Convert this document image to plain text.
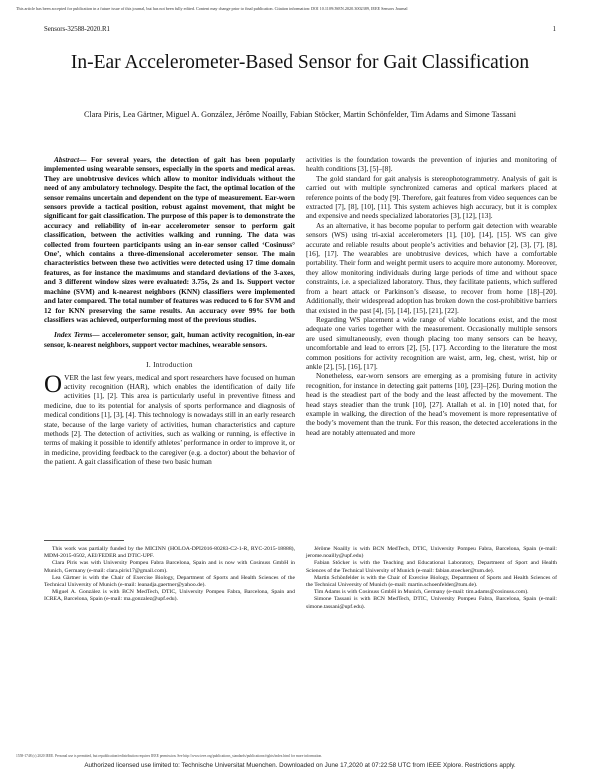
This article has been accepted for publication in a future issue of this journal, but has not been fully edited. Content may change prior to final publication. Citation information: DOI 10.1109/JSEN.2020.3002389, IEEE Sensors Journal
Sensors-32588-2020.R1	1
In-Ear Accelerometer-Based Sensor for Gait Classification
Clara Piris, Lea Gärtner, Miguel A. González, Jérôme Noailly, Fabian Stöcker, Martin Schönfelder, Tim Adams and Simone Tassani

Abstract— For several years, the detection of gait has been popularly implemented using wearable sensors, especially in the sports and medical areas. They are unobtrusive devices which allow to monitor individuals without the need of any ambulatory technology. Despite the fact, the optimal location of the sensor remains uncertain and dependent on the type of measurement. Ear-worn sensors provide a tactical position, robust against movement, that might be significant for gait classification. The purpose of this paper is to demonstrate the accuracy and reliability of in-ear accelerometer sensor to perform gait classification, between the activities walking and running. The data was collected from fourteen participants using an in-ear sensor called ‘Cosinuss° One’, which contains a three-dimensional accelerometer sensor. The main characteristics between these two activities were detected using 17 time domain features, as for instance the maximums and standard deviations of the 3-axes, and 3 different window sizes were evaluated: 3.75s, 2s and 1s. Support vector machine (SVM) and k-nearest neighbors (KNN) classifiers were implemented and later compared. The total number of features was reduced to 6 for SVM and 12 for KNN preserving the same results. An accuracy over 99% for both classifiers was achieved, outperforming most of the previous studies.

Index Terms— accelerometer sensor, gait, human activity recognition, in-ear sensor, k-nearest neighbors, support vector machines, wearable sensors.

I. Introduction

OVER the last few years, medical and sport researchers have focused on human activity recognition (HAR), which enables the identification of daily life activities [1], [2]. This area is particularly useful in preventive fitness and medicine, due to its potential for analysis of sports performance and diagnosis of medical conditions [1], [3], [4]. This technology is nowadays still in an early research state, because of the large variety of activities, human characteristics and capture methods [2]. The detection of activities, such as walking or running, is effective in terms of making it possible to identify athletes’ performance in order to improve it, or in medicine, providing feedback to the caregiver (e.g. a doctor) about the behavior of the patient. A gait classification of these two basic human

activities is the foundation towards the prevention of injuries and monitoring of health conditions [3], [5]–[8].

The gold standard for gait analysis is stereophotogrammetry. Analysis of gait is carried out with multiple synchronized cameras and optical markers placed at reference points of the body [9]. Therefore, gait features from video sequences can be extracted [7], [8], [10], [11]. This system achieves high accuracy, but it is complex and expensive and needs specialized laboratories [3], [12], [13].

As an alternative, it has become popular to perform gait detection with wearable sensors (WS) using tri-axial accelerometers [1], [10], [14], [15]. WS can give accurate and reliable results about people’s activities and behavior [2], [3], [7], [8], [16], [17]. The wearables are unobtrusive devices, which have a comfortable portability. Their form and weight permit users to acquire more autonomy. Moreover, they allow monitoring individuals during large periods of time and without space constraints, i.e. a specialized laboratory. Thus, they facilitate patients, which suffered from a heart attack or Parkinson’s disease, to recover from home [18]–[20]. Additionally, their widespread adoption has broken down the cost-prohibitive barriers that existed in the past [4], [5], [14], [15], [21], [22].

Regarding WS placement a wide range of viable locations exist, and the most adequate one varies together with the measurement. Occasionally multiple sensors are used simultaneously, even though placing too many sensors can be heavy, uncomfortable and lead to errors [2], [5], [17]. According to the literature the most common positions for activity recognition are waist, arm, leg, chest, wrist, hip or ankle [2], [5], [16], [17].

Nonetheless, ear-worn sensors are emerging as a promising future in activity recognition, for instance in detecting gait patterns [10], [23]–[26]. During motion the head is the steadiest part of the body and the least affected by the movement. The head stays steadier than the trunk [10], [27]. Atallah et al. in [10] noted that, for example in walking, the direction of the head’s movement is more representative of the body’s movement than the trunk. For this reason, the detected accelerations in the head are notably attenuated and more

This work was partially funded by the MICINN (HOLOA-DPI2016-80283-C2-1-R, RYC-2015-18888), MDM-2015-0502, AEI/FEDER and DTIC-UPF.

Clara Piris was with University Pompeu Fabra Barcelona, Spain and is now with Cosinuss GmbH in Munich, Germany (e-mail: clara.piris17@gmail.com).

Lea Gärtner is with the Chair of Exercise Biology, Department of Sports and Health Sciences of the Technical University of Munich (e-mail: leanadja.gaertner@yahoo.de).

Miguel A. González is with BCN MedTech, DTIC, University Pompeu Fabra, Barcelona, Spain and ICREA, Barcelona, Spain (e-mail: ma.gonzalez@upf.edu).

Jérôme Noailly is with BCN MedTech, DTIC, University Pompeu Fabra, Barcelona, Spain (e-mail: jerome.noailly@upf.edu)

Fabian Stöcker is with the Teaching and Educational Laboratory, Department of Sport and Health Sciences of the Technical University of Munich (e-mail: fabian.stoecker@tum.de).

Martin Schönfelder is with the Chair of Exercise Biology, Department of Sports and Health Sciences of the Technical University of Munich (e-mail: martin.schoenfelder@tum.de).

Tim Adams is with Cosinuss GmbH in Munich, Germany (e-mail: tim.adams@cosinuss.com).

Simone Tassani is with BCN MedTech, DTIC, University Pompeu Fabra, Barcelona, Spain (e-mail: simone.tassani@upf.edu).

1558-1748 (c) 2020 IEEE. Personal use is permitted, but republication/redistribution requires IEEE permission. See http://www.ieee.org/publications_standards/publications/rights/index.html for more information.
Authorized licensed use limited to: Technische Universitat Muenchen. Downloaded on June 17,2020 at 07:22:58 UTC from IEEE Xplore. Restrictions apply.
